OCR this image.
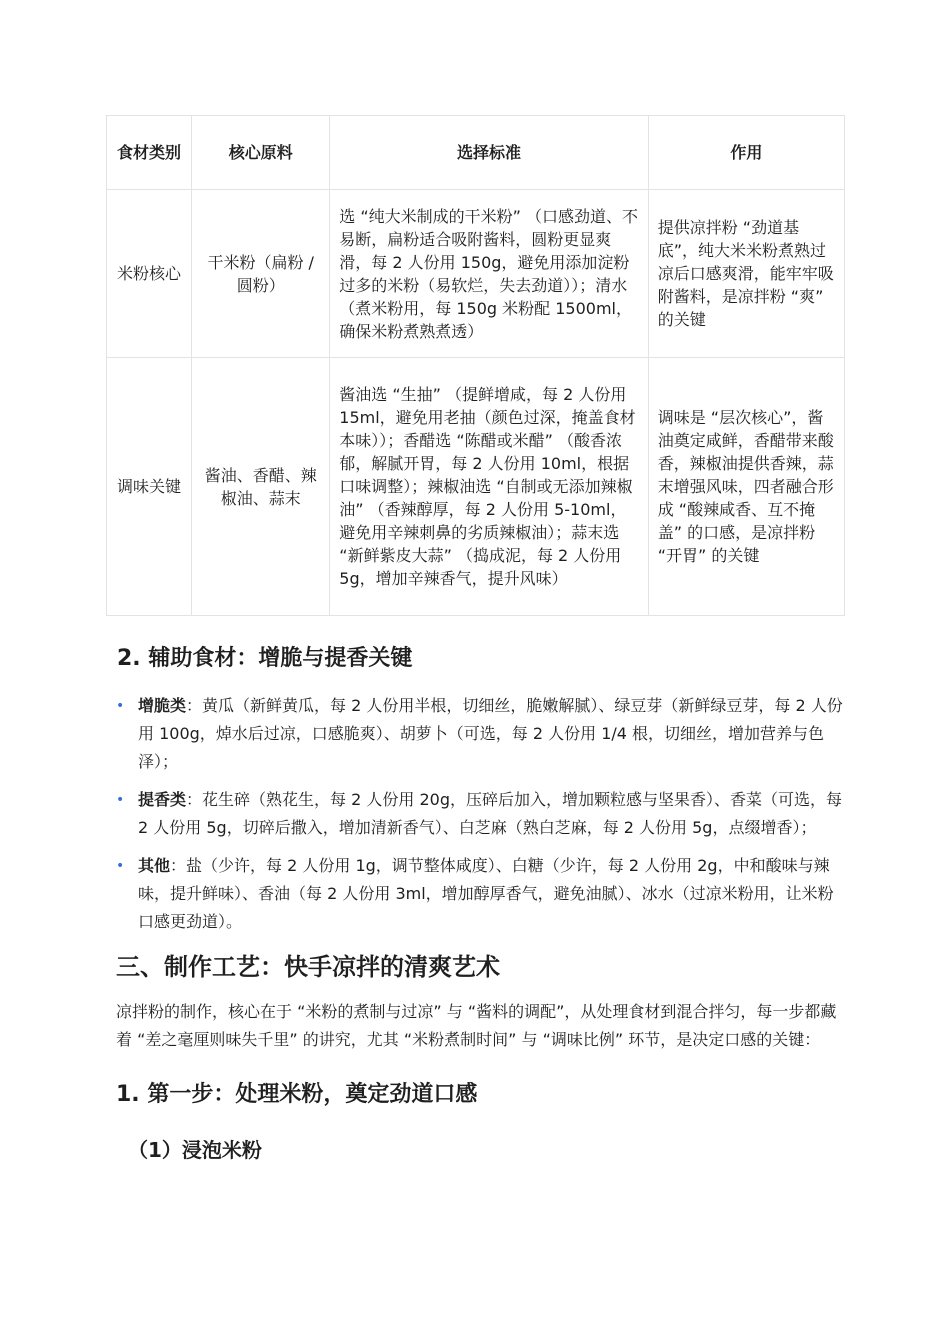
食材类别	核心原料	选择标准	作用
米粉核心	干米粉（扁粉 / 圆粉）	选 “纯大米制成的干米粉” （口感劲道、不易断，扁粉适合吸附酱料，圆粉更显爽滑，每 2 人份用 150g，避免用添加淀粉过多的米粉（易软烂，失去劲道））；清水（煮米粉用，每 150g 米粉配 1500ml，确保米粉煮熟煮透）	提供凉拌粉 “劲道基底”，纯大米米粉煮熟过凉后口感爽滑，能牢牢吸附酱料，是凉拌粉 “爽” 的关键
调味关键	酱油、香醋、辣椒油、蒜末	酱油选 “生抽” （提鲜增咸，每 2 人份用 15ml，避免用老抽（颜色过深，掩盖食材本味））；香醋选 “陈醋或米醋” （酸香浓郁，解腻开胃，每 2 人份用 10ml，根据口味调整）；辣椒油选 “自制或无添加辣椒油” （香辣醇厚，每 2 人份用 5-10ml，避免用辛辣刺鼻的劣质辣椒油）；蒜末选 “新鲜紫皮大蒜” （捣成泥，每 2 人份用 5g，增加辛辣香气，提升风味）	调味是 “层次核心”，酱油奠定咸鲜，香醋带来酸香，辣椒油提供香辣，蒜末增强风味，四者融合形成 “酸辣咸香、互不掩盖” 的口感，是凉拌粉 “开胃” 的关键
2. 辅助食材：增脆与提香关键
• 增脆类：黄瓜（新鲜黄瓜，每 2 人份用半根，切细丝，脆嫩解腻）、绿豆芽（新鲜绿豆芽，每 2 人份用 100g，焯水后过凉，口感脆爽）、胡萝卜（可选，每 2 人份用 1/4 根，切细丝，增加营养与色泽）；
• 提香类：花生碎（熟花生，每 2 人份用 20g，压碎后加入，增加颗粒感与坚果香）、香菜（可选，每 2 人份用 5g，切碎后撒入，增加清新香气）、白芝麻（熟白芝麻，每 2 人份用 5g，点缀增香）；
• 其他：盐（少许，每 2 人份用 1g，调节整体咸度）、白糖（少许，每 2 人份用 2g，中和酸味与辣味，提升鲜味）、香油（每 2 人份用 3ml，增加醇厚香气，避免油腻）、冰水（过凉米粉用，让米粉口感更劲道）。
三、制作工艺：快手凉拌的清爽艺术

凉拌粉的制作，核心在于 “米粉的煮制与过凉” 与 “酱料的调配”，从处理食材到混合拌匀，每一步都藏着 “差之毫厘则味失千里” 的讲究，尤其 “米粉煮制时间” 与 “调味比例” 环节，是决定口感的关键：

1. 第一步：处理米粉，奠定劲道口感
（1）浸泡米粉
